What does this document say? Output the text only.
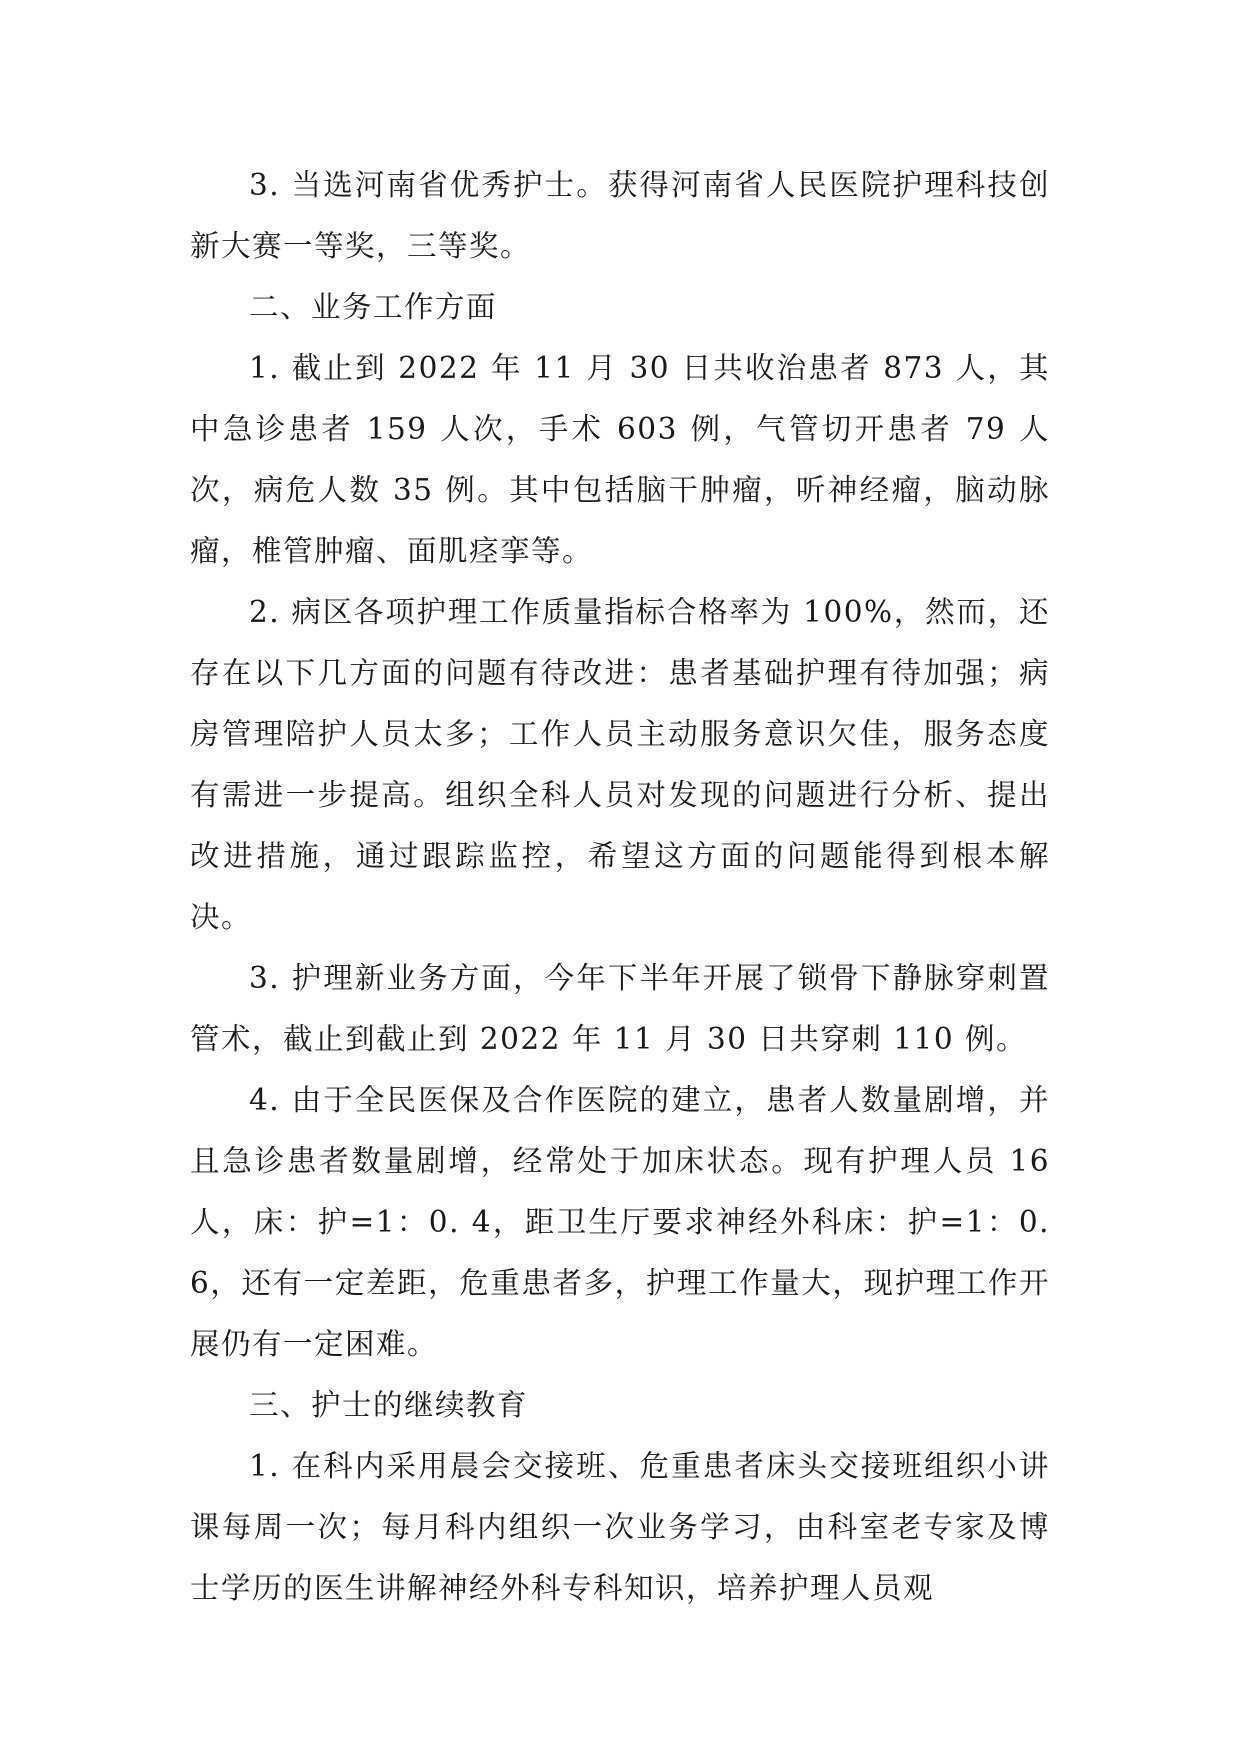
3. 当选河南省优秀护士。获得河南省人民医院护理科技创新大赛一等奖，三等奖。

二、业务工作方面

1. 截止到 2022 年 11 月 30 日共收治患者 873 人，其中急诊患者 159 人次，手术 603 例，气管切开患者 79 人次，病危人数 35 例。其中包括脑干肿瘤，听神经瘤，脑动脉瘤，椎管肿瘤、面肌痉挛等。

2. 病区各项护理工作质量指标合格率为 100%，然而，还存在以下几方面的问题有待改进：患者基础护理有待加强；病房管理陪护人员太多；工作人员主动服务意识欠佳，服务态度有需进一步提高。组织全科人员对发现的问题进行分析、提出改进措施，通过跟踪监控，希望这方面的问题能得到根本解决。

3. 护理新业务方面，今年下半年开展了锁骨下静脉穿刺置管术，截止到截止到 2022 年 11 月 30 日共穿刺 110 例。

4. 由于全民医保及合作医院的建立，患者人数量剧增，并且急诊患者数量剧增，经常处于加床状态。现有护理人员 16 人，床：护=1：0. 4，距卫生厅要求神经外科床：护=1：0. 6，还有一定差距，危重患者多，护理工作量大，现护理工作开展仍有一定困难。

三、护士的继续教育

1. 在科内采用晨会交接班、危重患者床头交接班组织小讲课每周一次；每月科内组织一次业务学习，由科室老专家及博士学历的医生讲解神经外科专科知识，培养护理人员观
